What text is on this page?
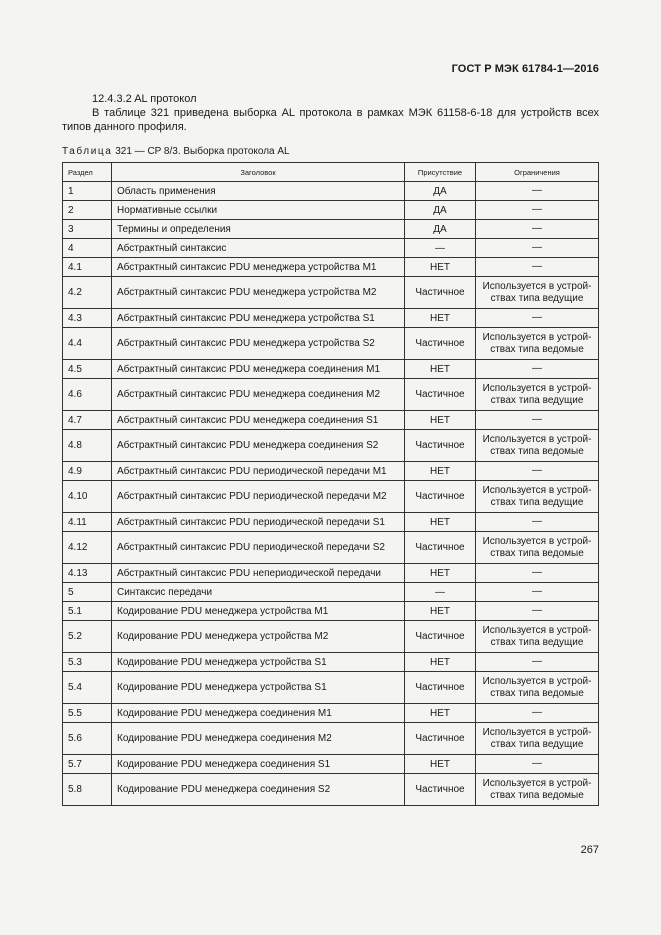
ГОСТ Р МЭК 61784-1—2016
12.4.3.2 AL протокол
В таблице 321 приведена выборка AL протокола в рамках МЭК 61158-6-18 для устройств всех типов данного профиля.
Таблица 321 — CP 8/3. Выборка протокола AL
Раздел	Заголовок	Присутствие	Ограничения
1	Область применения	ДА	—
2	Нормативные ссылки	ДА	—
3	Термины и определения	ДА	—
4	Абстрактный синтаксис	—	—
4.1	Абстрактный синтаксис PDU менеджера устройства M1	НЕТ	—
4.2	Абстрактный синтаксис PDU менеджера устройства M2	Частичное	Используется в устрой-ствах типа ведущие
4.3	Абстрактный синтаксис PDU менеджера устройства S1	НЕТ	—
4.4	Абстрактный синтаксис PDU менеджера устройства S2	Частичное	Используется в устрой-ствах типа ведомые
4.5	Абстрактный синтаксис PDU менеджера соединения M1	НЕТ	—
4.6	Абстрактный синтаксис PDU менеджера соединения M2	Частичное	Используется в устрой-ствах типа ведущие
4.7	Абстрактный синтаксис PDU менеджера соединения S1	НЕТ	—
4.8	Абстрактный синтаксис PDU менеджера соединения S2	Частичное	Используется в устрой-ствах типа ведомые
4.9	Абстрактный синтаксис PDU периодической передачи M1	НЕТ	—
4.10	Абстрактный синтаксис PDU периодической передачи M2	Частичное	Используется в устрой-ствах типа ведущие
4.11	Абстрактный синтаксис PDU периодической передачи S1	НЕТ	—
4.12	Абстрактный синтаксис PDU периодической передачи S2	Частичное	Используется в устрой-ствах типа ведомые
4.13	Абстрактный синтаксис PDU непериодической передачи	НЕТ	—
5	Синтаксис передачи	—	—
5.1	Кодирование PDU менеджера устройства M1	НЕТ	—
5.2	Кодирование PDU менеджера устройства M2	Частичное	Используется в устрой-ствах типа ведущие
5.3	Кодирование PDU менеджера устройства S1	НЕТ	—
5.4	Кодирование PDU менеджера устройства S1	Частичное	Используется в устрой-ствах типа ведомые
5.5	Кодирование PDU менеджера соединения M1	НЕТ	—
5.6	Кодирование PDU менеджера соединения M2	Частичное	Используется в устрой-ствах типа ведущие
5.7	Кодирование PDU менеджера соединения S1	НЕТ	—
5.8	Кодирование PDU менеджера соединения S2	Частичное	Используется в устрой-ствах типа ведомые
267
